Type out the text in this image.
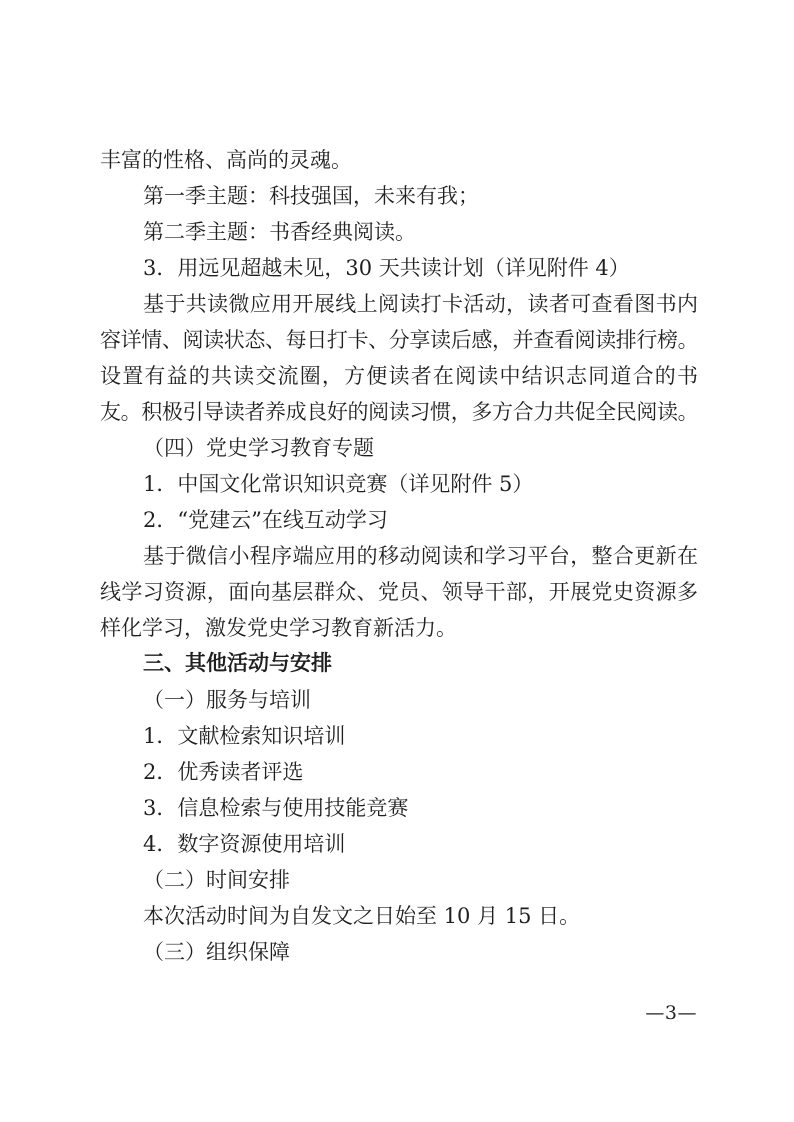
丰富的性格、高尚的灵魂。
第一季主题：科技强国，未来有我；
第二季主题：书香经典阅读。
3．用远见超越未见，30 天共读计划（详见附件 4）
基于共读微应用开展线上阅读打卡活动，读者可查看图书内
容详情、阅读状态、每日打卡、分享读后感，并查看阅读排行榜。
设置有益的共读交流圈，方便读者在阅读中结识志同道合的书
友。积极引导读者养成良好的阅读习惯，多方合力共促全民阅读。
（四）党史学习教育专题
1．中国文化常识知识竞赛（详见附件 5）
2．“党建云”在线互动学习
基于微信小程序端应用的移动阅读和学习平台，整合更新在
线学习资源，面向基层群众、党员、领导干部，开展党史资源多
样化学习，激发党史学习教育新活力。
三、其他活动与安排
（一）服务与培训
1．文献检索知识培训
2．优秀读者评选
3．信息检索与使用技能竞赛
4．数字资源使用培训
（二）时间安排
本次活动时间为自发文之日始至 10 月 15 日。
（三）组织保障
—3—
